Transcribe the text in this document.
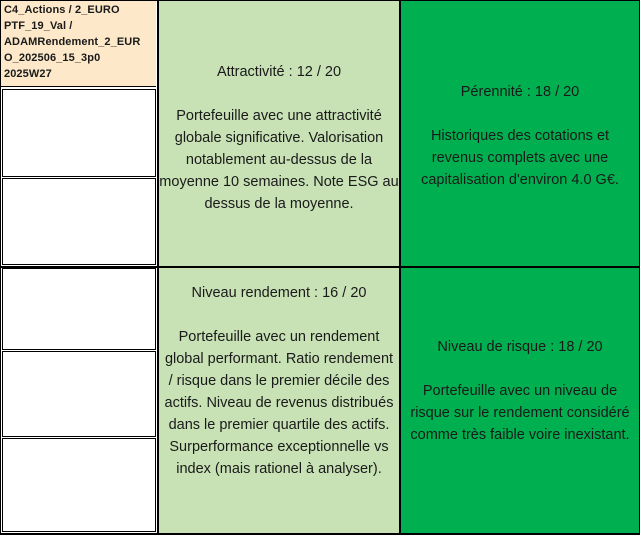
C4_Actions / 2_EURO
PTF_19_Val /
ADAMRendement_2_EUR
O_202506_15_3p0
2025W27	Attractivité : 12 / 20
Portefeuille avec une attractivité globale significative. Valorisation notablement au-dessus de la moyenne 10 semaines. Note ESG au dessus de la moyenne.
Pérennité : 18 / 20
Historiques des cotations et revenus complets avec une capitalisation d'environ 4.0 G€.
Niveau rendement : 16 / 20
Portefeuille avec un rendement global performant. Ratio rendement / risque dans le premier décile des actifs. Niveau de revenus distribués dans le premier quartile des actifs. Surperformance exceptionnelle vs index (mais rationel à analyser).
Niveau de risque : 18 / 20
Portefeuille avec un niveau de risque sur le rendement considéré comme très faible voire inexistant.
